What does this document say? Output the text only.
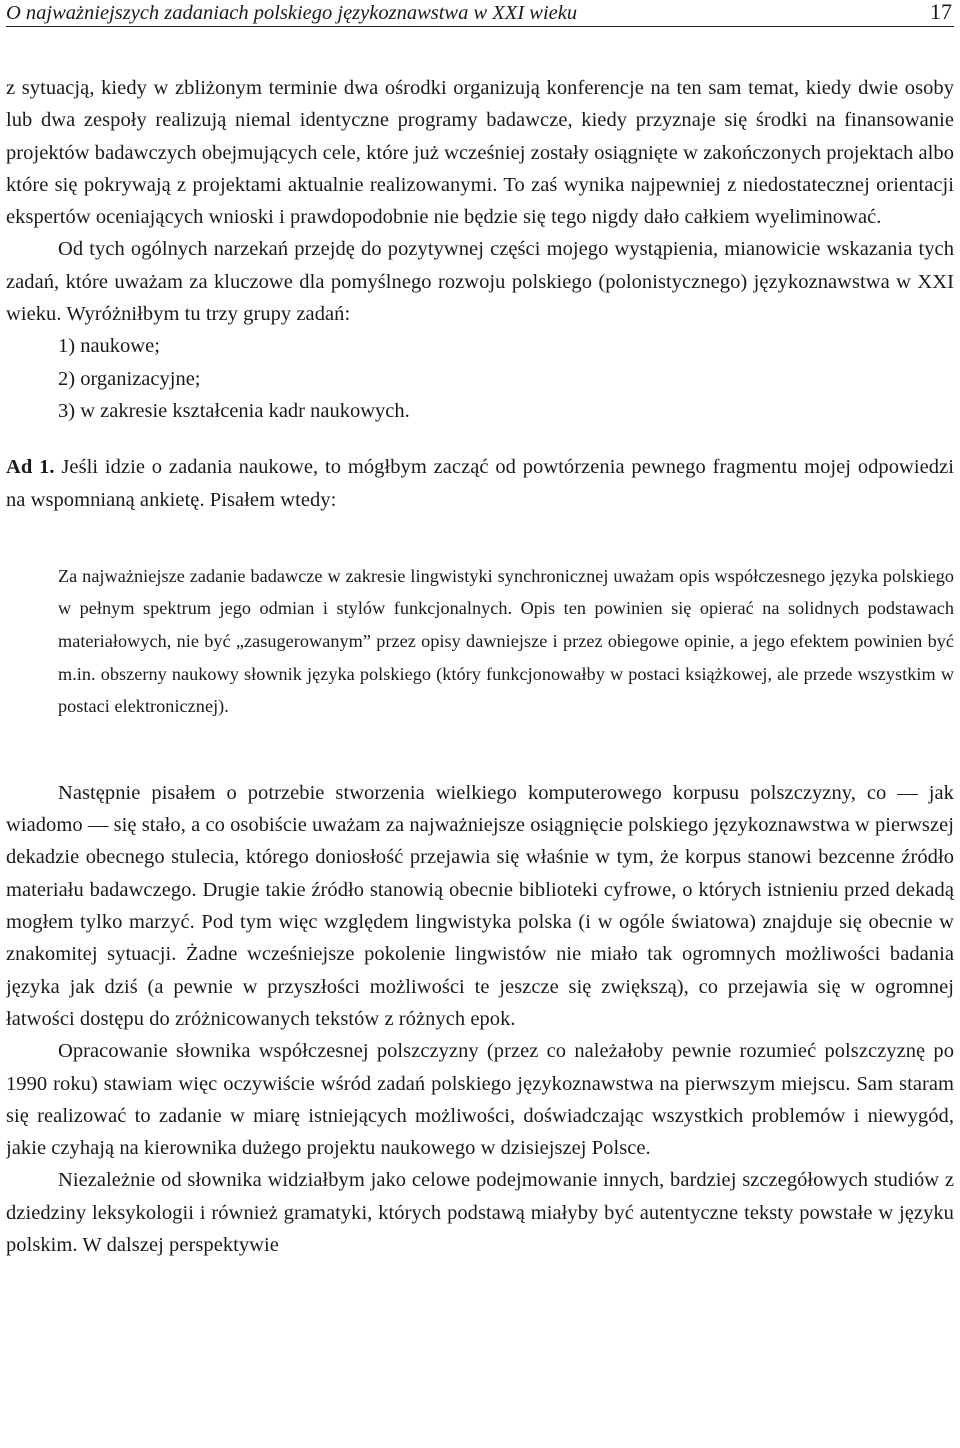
O najważniejszych zadaniach polskiego językoznawstwa w XXI wieku	17

z sytuacją, kiedy w zbliżonym terminie dwa ośrodki organizują konferencje na ten sam temat, kiedy dwie osoby lub dwa zespoły realizują niemal identyczne programy badawcze, kiedy przyznaje się środki na finansowanie projektów badawczych obejmujących cele, które już wcześniej zostały osiągnięte w zakończonych projektach albo które się pokrywają z projektami aktualnie realizowanymi. To zaś wynika najpewniej z niedostatecznej orientacji ekspertów oceniających wnioski i prawdopodobnie nie będzie się tego nigdy dało całkiem wyeliminować.

Od tych ogólnych narzekań przejdę do pozytywnej części mojego wystąpienia, mianowicie wskazania tych zadań, które uważam za kluczowe dla pomyślnego rozwoju polskiego (polonistycznego) językoznawstwa w XXI wieku. Wyróżniłbym tu trzy grupy zadań:

1) naukowe;
2) organizacyjne;
3) w zakresie kształcenia kadr naukowych.

Ad 1. Jeśli idzie o zadania naukowe, to mógłbym zacząć od powtórzenia pewnego fragmentu mojej odpowiedzi na wspomnianą ankietę. Pisałem wtedy:

Za najważniejsze zadanie badawcze w zakresie lingwistyki synchronicznej uważam opis współczesnego języka polskiego w pełnym spektrum jego odmian i stylów funkcjonalnych. Opis ten powinien się opierać na solidnych podstawach materiałowych, nie być „zasugerowanym” przez opisy dawniejsze i przez obiegowe opinie, a jego efektem powinien być m.in. obszerny naukowy słownik języka polskiego (który funkcjonowałby w postaci książkowej, ale przede wszystkim w postaci elektronicznej).

Następnie pisałem o potrzebie stworzenia wielkiego komputerowego korpusu polszczyzny, co — jak wiadomo — się stało, a co osobiście uważam za najważniejsze osiągnięcie polskiego językoznawstwa w pierwszej dekadzie obecnego stulecia, którego doniosłość przejawia się właśnie w tym, że korpus stanowi bezcenne źródło materiału badawczego. Drugie takie źródło stanowią obecnie biblioteki cyfrowe, o których istnieniu przed dekadą mogłem tylko marzyć. Pod tym więc względem lingwistyka polska (i w ogóle światowa) znajduje się obecnie w znakomitej sytuacji. Żadne wcześniejsze pokolenie lingwistów nie miało tak ogromnych możliwości badania języka jak dziś (a pewnie w przyszłości możliwości te jeszcze się zwiększą), co przejawia się w ogromnej łatwości dostępu do zróżnicowanych tekstów z różnych epok.

Opracowanie słownika współczesnej polszczyzny (przez co należałoby pewnie rozumieć polszczyznę po 1990 roku) stawiam więc oczywiście wśród zadań polskiego językoznawstwa na pierwszym miejscu. Sam staram się realizować to zadanie w miarę istniejących możliwości, doświadczając wszystkich problemów i niewygód, jakie czyhają na kierownika dużego projektu naukowego w dzisiejszej Polsce.

Niezależnie od słownika widziałbym jako celowe podejmowanie innych, bardziej szczegółowych studiów z dziedziny leksykologii i również gramatyki, których podstawą miałyby być autentyczne teksty powstałe w języku polskim. W dalszej perspektywie
